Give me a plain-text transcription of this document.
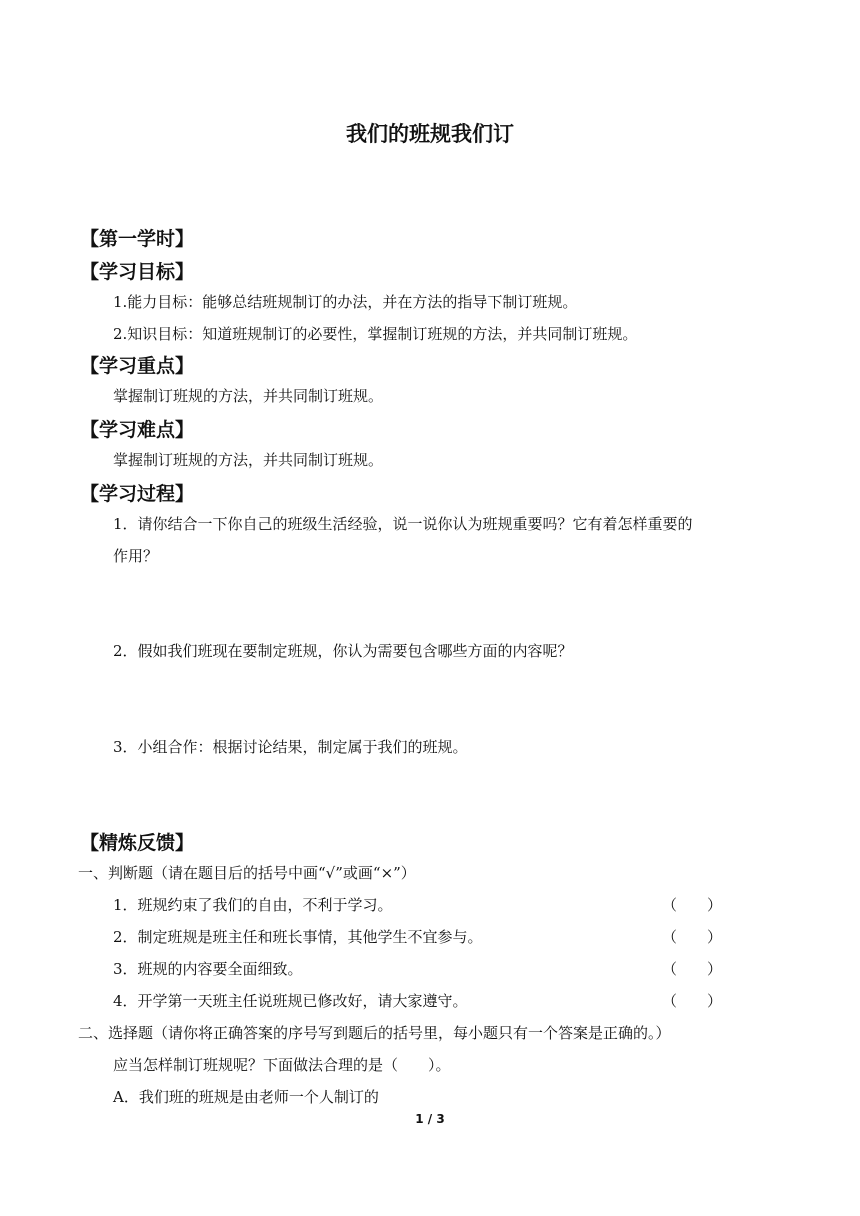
我们的班规我们订
【第一学时】
【学习目标】
1.能力目标：能够总结班规制订的办法，并在方法的指导下制订班规。
2.知识目标：知道班规制订的必要性，掌握制订班规的方法，并共同制订班规。
【学习重点】
掌握制订班规的方法，并共同制订班规。
【学习难点】
掌握制订班规的方法，并共同制订班规。
【学习过程】
1．请你结合一下你自己的班级生活经验，说一说你认为班规重要吗？它有着怎样重要的
作用？
2．假如我们班现在要制定班规，你认为需要包含哪些方面的内容呢？
3．小组合作：根据讨论结果，制定属于我们的班规。
【精炼反馈】
一、判断题（请在题目后的括号中画“√”或画“×”）
1．班规约束了我们的自由，不利于学习。	（　　）
2．制定班规是班主任和班长事情，其他学生不宜参与。	（　　）
3．班规的内容要全面细致。	（　　）
4．开学第一天班主任说班规已修改好，请大家遵守。	（　　）
二、选择题（请你将正确答案的序号写到题后的括号里，每小题只有一个答案是正确的。）
应当怎样制订班规呢？下面做法合理的是（　　）。
A．我们班的班规是由老师一个人制订的
1 / 3
